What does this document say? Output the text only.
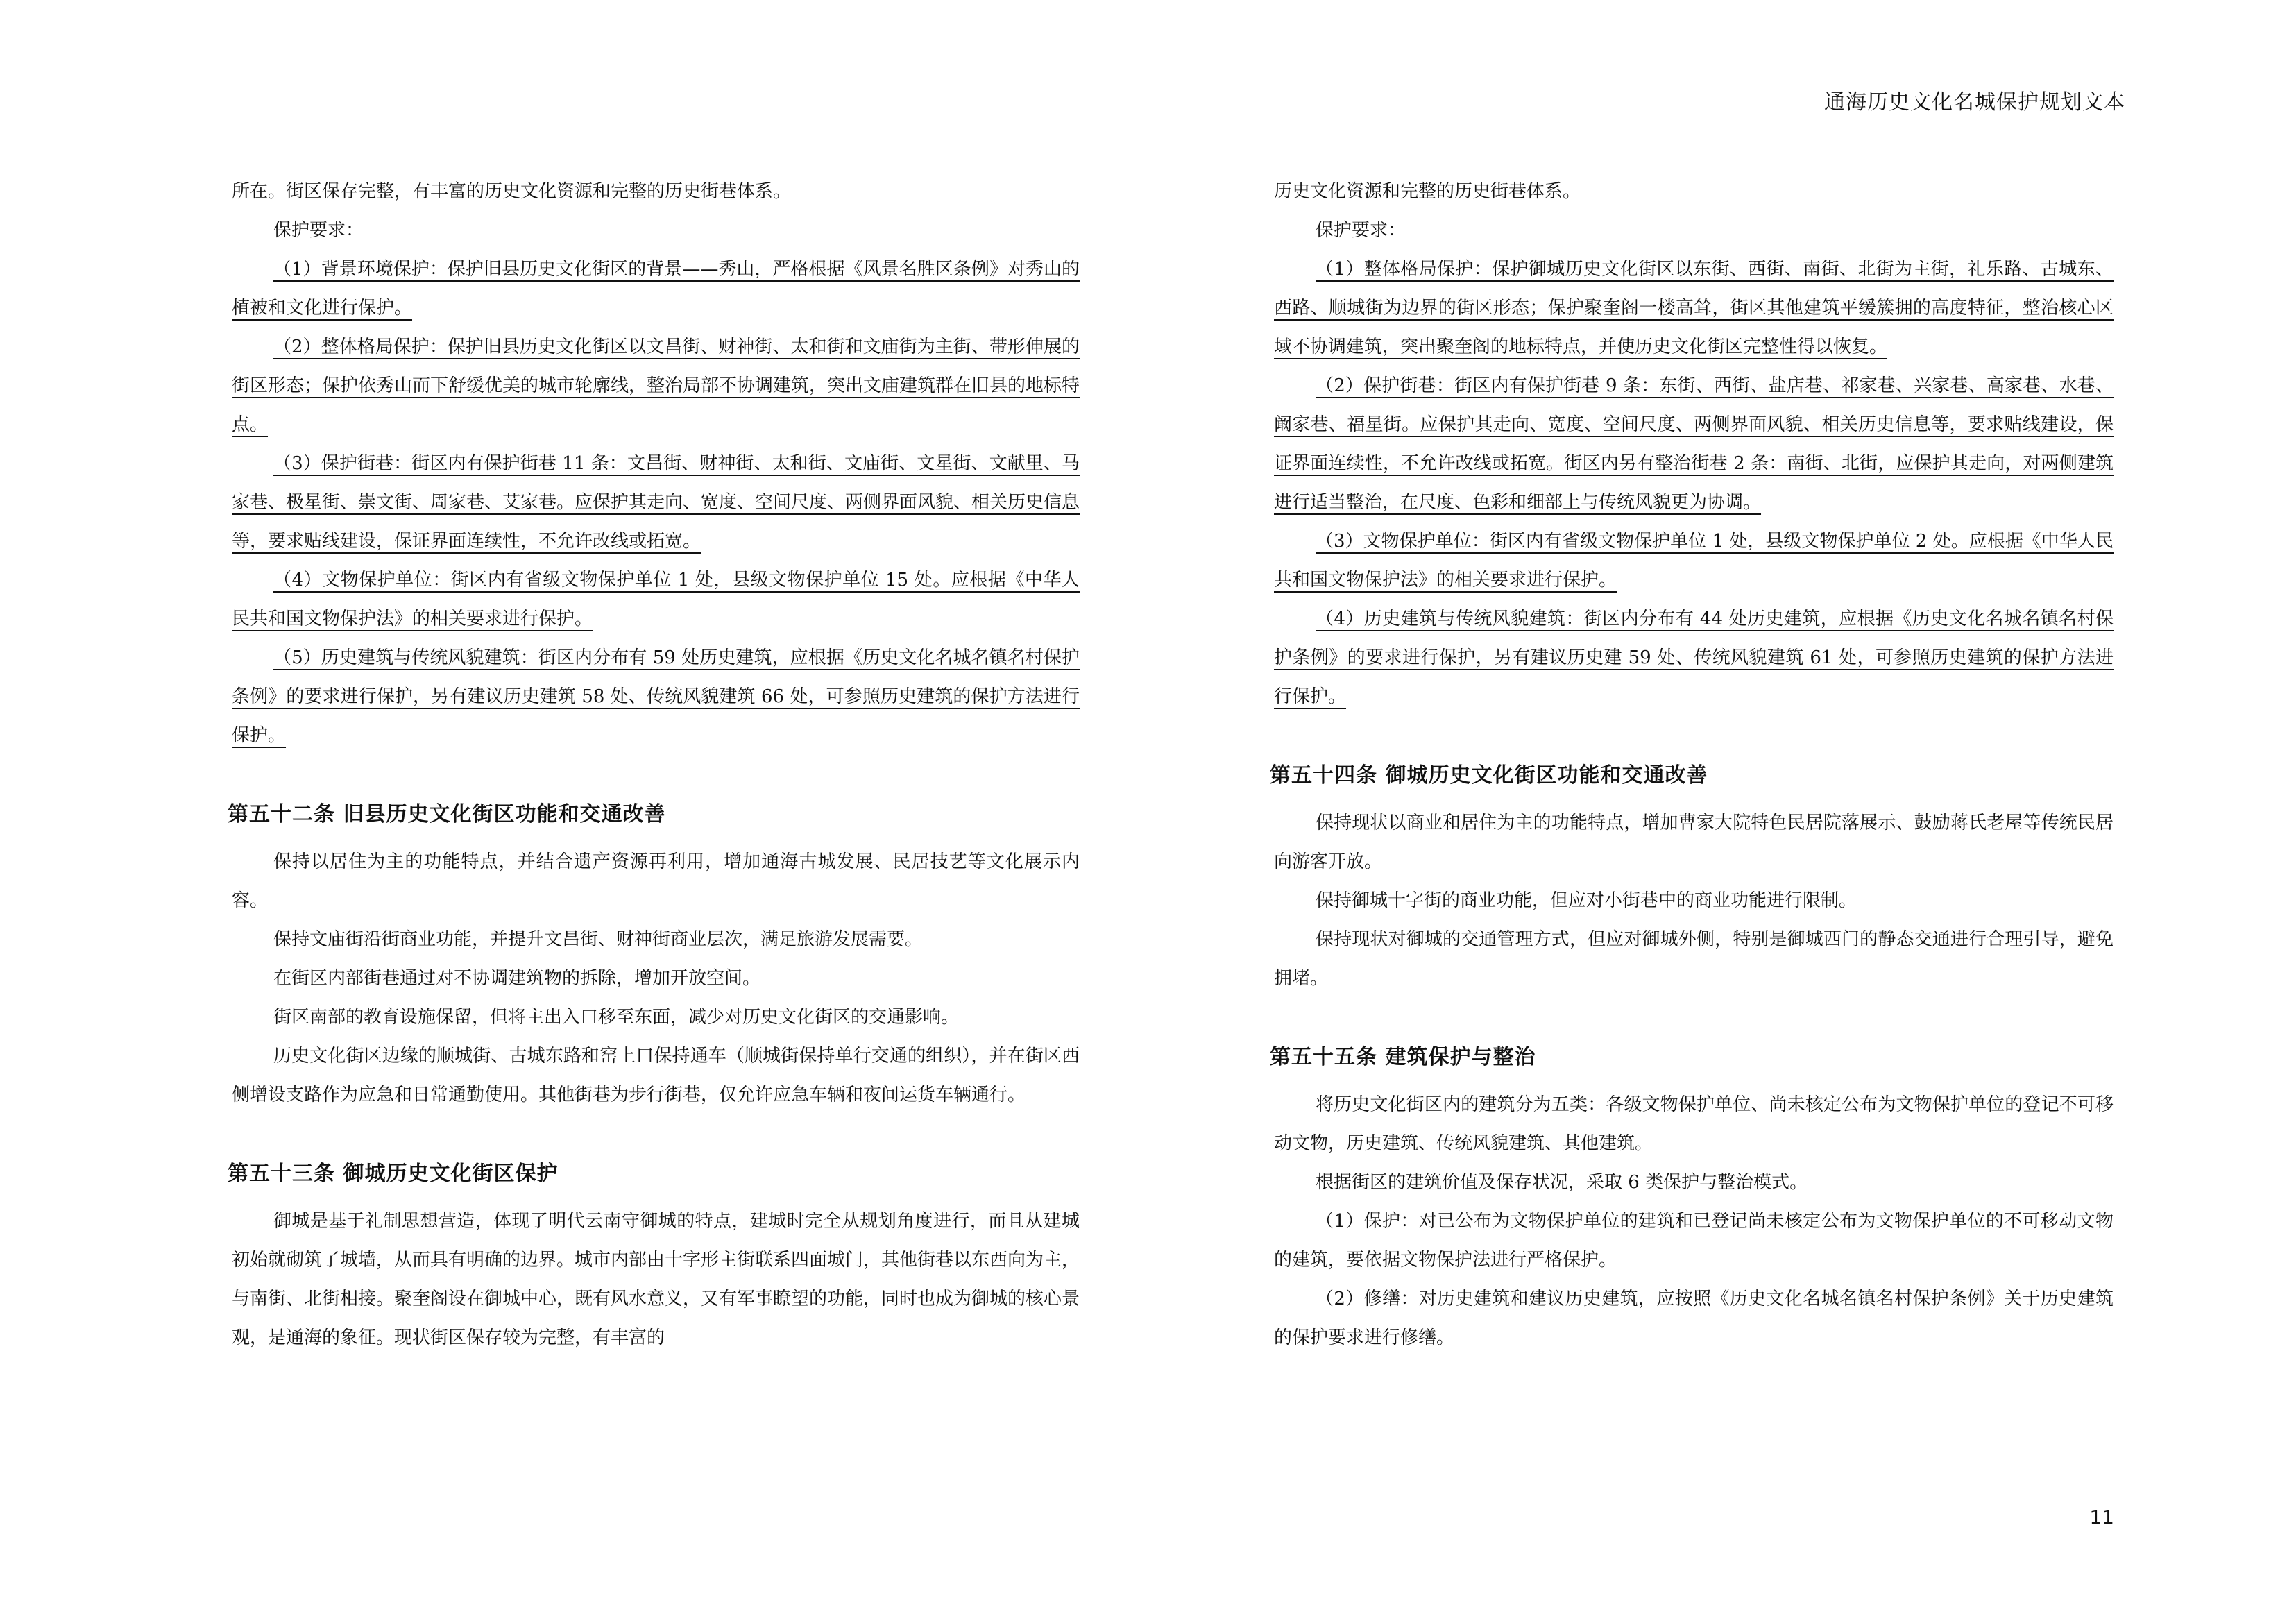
通海历史文化名城保护规划文本

所在。街区保存完整，有丰富的历史文化资源和完整的历史街巷体系。

保护要求：

（1）背景环境保护：保护旧县历史文化街区的背景——秀山，严格根据《风景名胜区条例》对秀山的植被和文化进行保护。

（2）整体格局保护：保护旧县历史文化街区以文昌街、财神街、太和街和文庙街为主街、带形伸展的街区形态；保护依秀山而下舒缓优美的城市轮廓线，整治局部不协调建筑，突出文庙建筑群在旧县的地标特点。

（3）保护街巷：街区内有保护街巷 11 条：文昌街、财神街、太和街、文庙街、文星街、文献里、马家巷、极星街、崇文街、周家巷、艾家巷。应保护其走向、宽度、空间尺度、两侧界面风貌、相关历史信息等，要求贴线建设，保证界面连续性，不允许改线或拓宽。

（4）文物保护单位：街区内有省级文物保护单位 1 处，县级文物保护单位 15 处。应根据《中华人民共和国文物保护法》的相关要求进行保护。

（5）历史建筑与传统风貌建筑：街区内分布有 59 处历史建筑，应根据《历史文化名城名镇名村保护条例》的要求进行保护，另有建议历史建筑 58 处、传统风貌建筑 66 处，可参照历史建筑的保护方法进行保护。

第五十二条 旧县历史文化街区功能和交通改善

保持以居住为主的功能特点，并结合遗产资源再利用，增加通海古城发展、民居技艺等文化展示内容。

保持文庙街沿街商业功能，并提升文昌街、财神街商业层次，满足旅游发展需要。

在街区内部街巷通过对不协调建筑物的拆除，增加开放空间。

街区南部的教育设施保留，但将主出入口移至东面，减少对历史文化街区的交通影响。

历史文化街区边缘的顺城街、古城东路和窑上口保持通车（顺城街保持单行交通的组织），并在街区西侧增设支路作为应急和日常通勤使用。其他街巷为步行街巷，仅允许应急车辆和夜间运货车辆通行。

第五十三条 御城历史文化街区保护

御城是基于礼制思想营造，体现了明代云南守御城的特点，建城时完全从规划角度进行，而且从建城初始就砌筑了城墙，从而具有明确的边界。城市内部由十字形主街联系四面城门，其他街巷以东西向为主，与南街、北街相接。聚奎阁设在御城中心，既有风水意义，又有军事瞭望的功能，同时也成为御城的核心景观，是通海的象征。现状街区保存较为完整，有丰富的

历史文化资源和完整的历史街巷体系。

保护要求：

（1）整体格局保护：保护御城历史文化街区以东街、西街、南街、北街为主街，礼乐路、古城东、西路、顺城街为边界的街区形态；保护聚奎阁一楼高耸，街区其他建筑平缓簇拥的高度特征，整治核心区域不协调建筑，突出聚奎阁的地标特点，并使历史文化街区完整性得以恢复。

（2）保护街巷：街区内有保护街巷 9 条：东街、西街、盐店巷、祁家巷、兴家巷、高家巷、水巷、阚家巷、福星街。应保护其走向、宽度、空间尺度、两侧界面风貌、相关历史信息等，要求贴线建设，保证界面连续性，不允许改线或拓宽。街区内另有整治街巷 2 条：南街、北街，应保护其走向，对两侧建筑进行适当整治，在尺度、色彩和细部上与传统风貌更为协调。

（3）文物保护单位：街区内有省级文物保护单位 1 处，县级文物保护单位 2 处。应根据《中华人民共和国文物保护法》的相关要求进行保护。

（4）历史建筑与传统风貌建筑：街区内分布有 44 处历史建筑，应根据《历史文化名城名镇名村保护条例》的要求进行保护，另有建议历史建 59 处、传统风貌建筑 61 处，可参照历史建筑的保护方法进行保护。

第五十四条 御城历史文化街区功能和交通改善

保持现状以商业和居住为主的功能特点，增加曹家大院特色民居院落展示、鼓励蒋氏老屋等传统民居向游客开放。

保持御城十字街的商业功能，但应对小街巷中的商业功能进行限制。

保持现状对御城的交通管理方式，但应对御城外侧，特别是御城西门的静态交通进行合理引导，避免拥堵。

第五十五条 建筑保护与整治

将历史文化街区内的建筑分为五类：各级文物保护单位、尚未核定公布为文物保护单位的登记不可移动文物，历史建筑、传统风貌建筑、其他建筑。

根据街区的建筑价值及保存状况，采取 6 类保护与整治模式。

（1）保护：对已公布为文物保护单位的建筑和已登记尚未核定公布为文物保护单位的不可移动文物的建筑，要依据文物保护法进行严格保护。

（2）修缮：对历史建筑和建议历史建筑，应按照《历史文化名城名镇名村保护条例》关于历史建筑的保护要求进行修缮。

11
